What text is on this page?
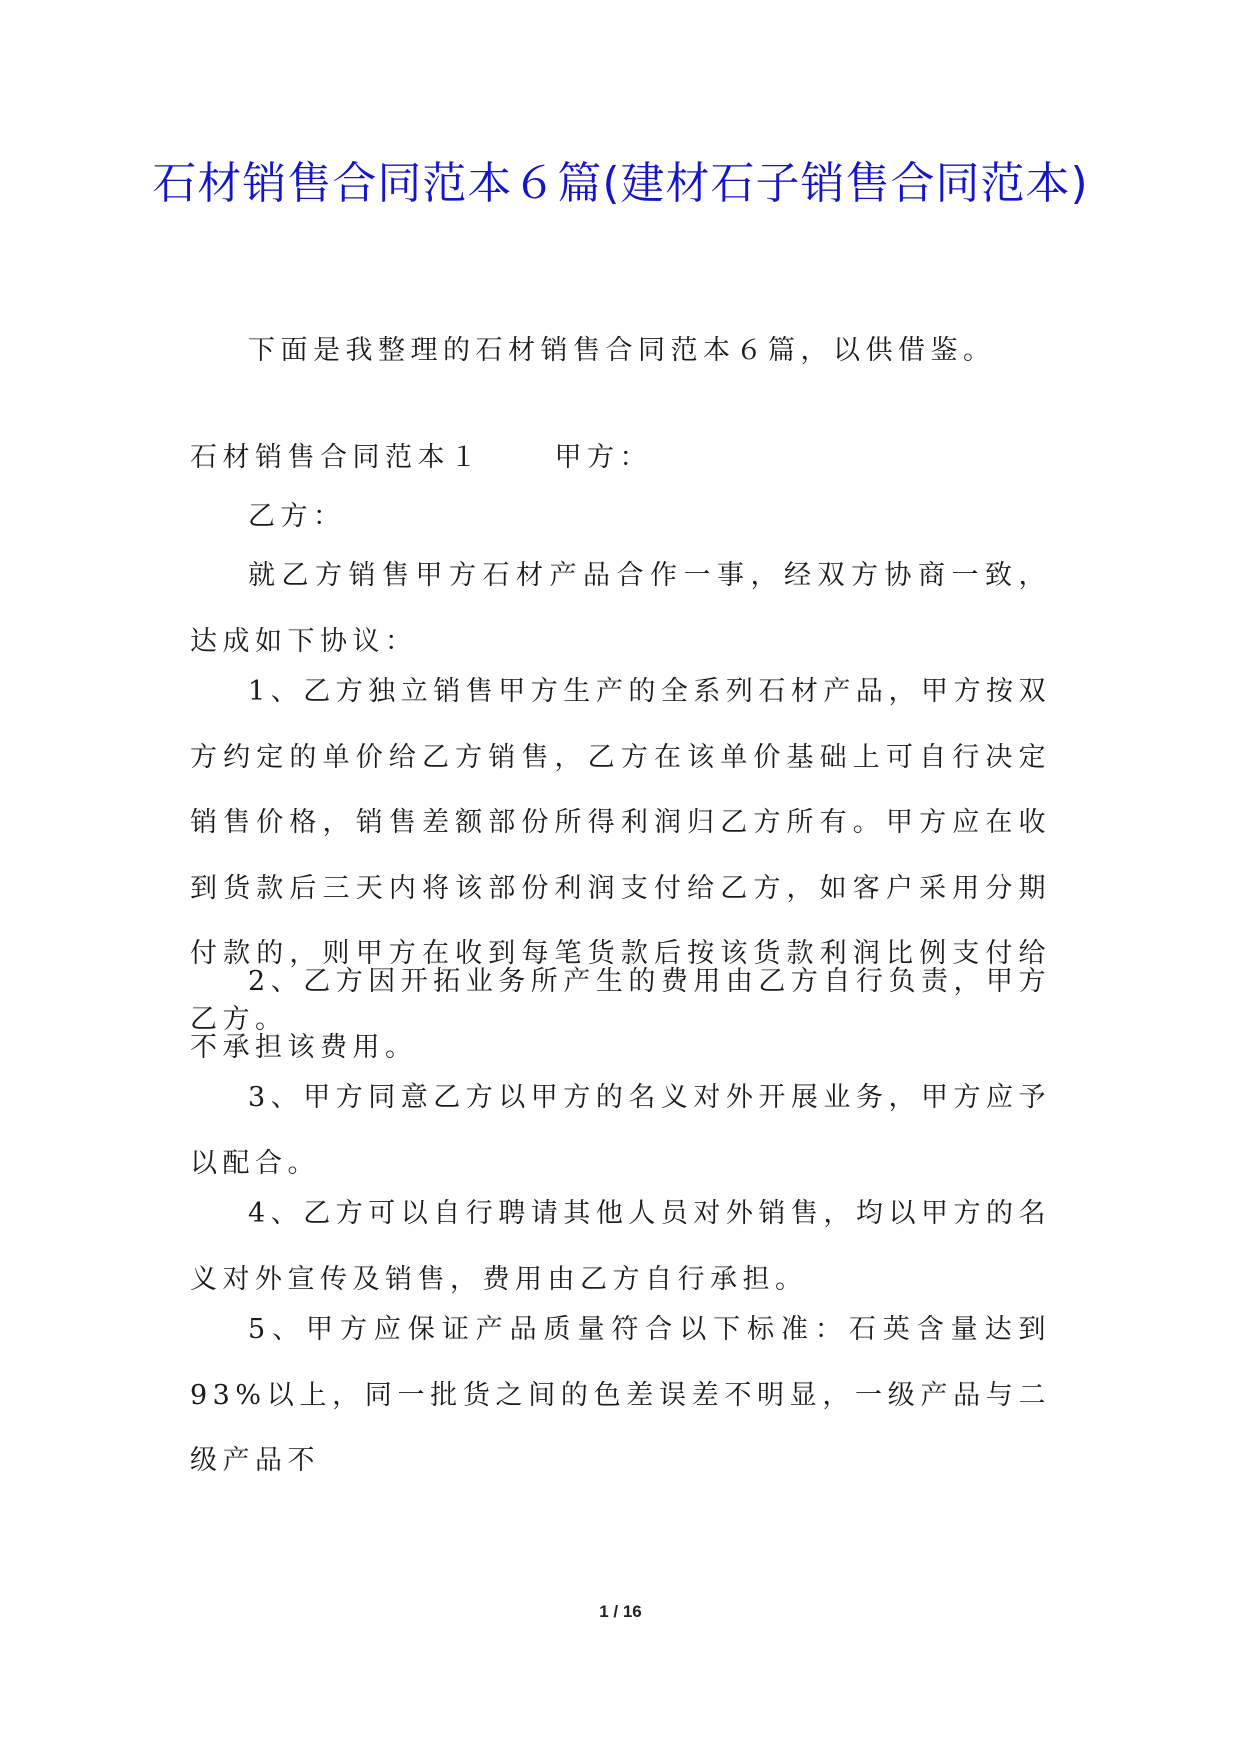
石材销售合同范本６篇(建材石子销售合同范本)

下面是我整理的石材销售合同范本６篇，以供借鉴。

石材销售合同范本１	甲方：

乙方：

就乙方销售甲方石材产品合作一事，经双方协商一致，达成如下协议：

1、乙方独立销售甲方生产的全系列石材产品，甲方按双方约定的单价给乙方销售，乙方在该单价基础上可自行决定销售价格，销售差额部份所得利润归乙方所有。甲方应在收到货款后三天内将该部份利润支付给乙方，如客户采用分期付款的，则甲方在收到每笔货款后按该货款利润比例支付给乙方。

2、乙方因开拓业务所产生的费用由乙方自行负责，甲方不承担该费用。

3、甲方同意乙方以甲方的名义对外开展业务，甲方应予以配合。

4、乙方可以自行聘请其他人员对外销售，均以甲方的名义对外宣传及销售，费用由乙方自行承担。

5、甲方应保证产品质量符合以下标准：石英含量达到93%以上，同一批货之间的色差误差不明显，一级产品与二级产品不

1 / 16
